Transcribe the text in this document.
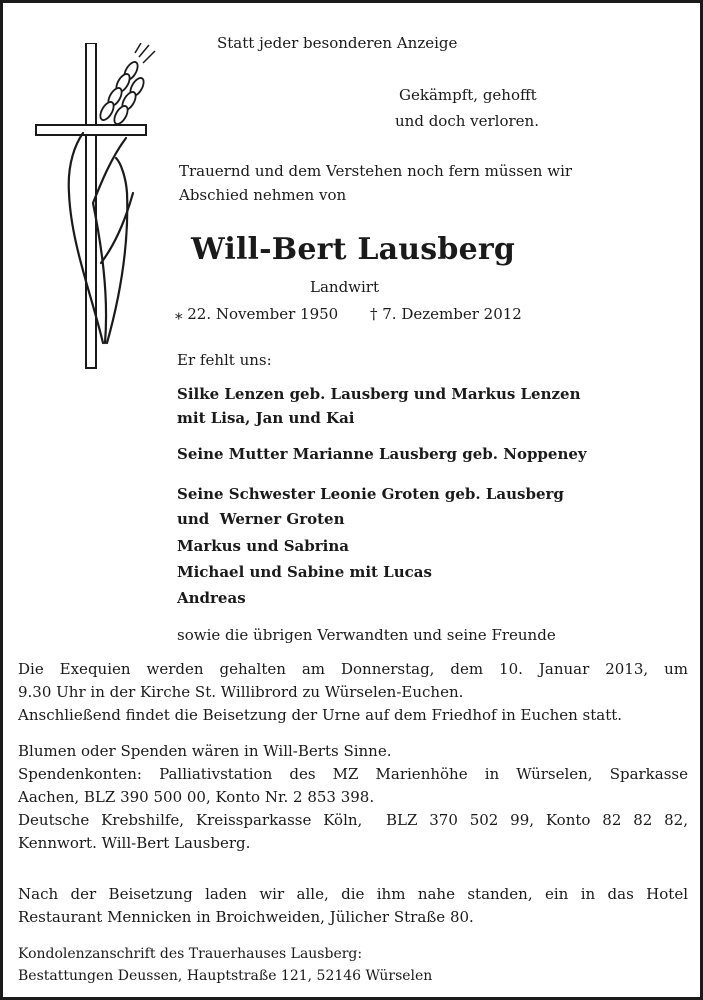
Statt jeder besonderen Anzeige
Gekämpft, gehofft
und doch verloren.
Trauernd und dem Verstehen noch fern müssen wir
Abschied nehmen von
Will-Bert Lausberg
Landwirt
⁎ 22. November 1950 † 7. Dezember 2012
Er fehlt uns:
Silke Lenzen geb. Lausberg und Markus Lenzen
mit Lisa, Jan und Kai
Seine Mutter Marianne Lausberg geb. Noppeney
Seine Schwester Leonie Groten geb. Lausberg
und  Werner Groten
Markus und Sabrina
Michael und Sabine mit Lucas
Andreas
sowie die übrigen Verwandten und seine Freunde
Die Exequien werden gehalten am Donnerstag, dem 10. Januar 2013, um
9.30 Uhr in der Kirche St. Willibrord zu Würselen-Euchen.
Anschließend findet die Beisetzung der Urne auf dem Friedhof in Euchen statt.
Blumen oder Spenden wären in Will-Berts Sinne.
Spendenkonten: Palliativstation des MZ Marienhöhe in Würselen, Sparkasse
Aachen, BLZ 390 500 00, Konto Nr. 2 853 398.
Deutsche Krebshilfe, Kreissparkasse Köln,  BLZ 370 502 99, Konto 82 82 82,
Kennwort. Will-Bert Lausberg.
Nach der Beisetzung laden wir alle, die ihm nahe standen, ein in das Hotel
Restaurant Mennicken in Broichweiden, Jülicher Straße 80.
Kondolenzanschrift des Trauerhauses Lausberg:
Bestattungen Deussen, Hauptstraße 121, 52146 Würselen
